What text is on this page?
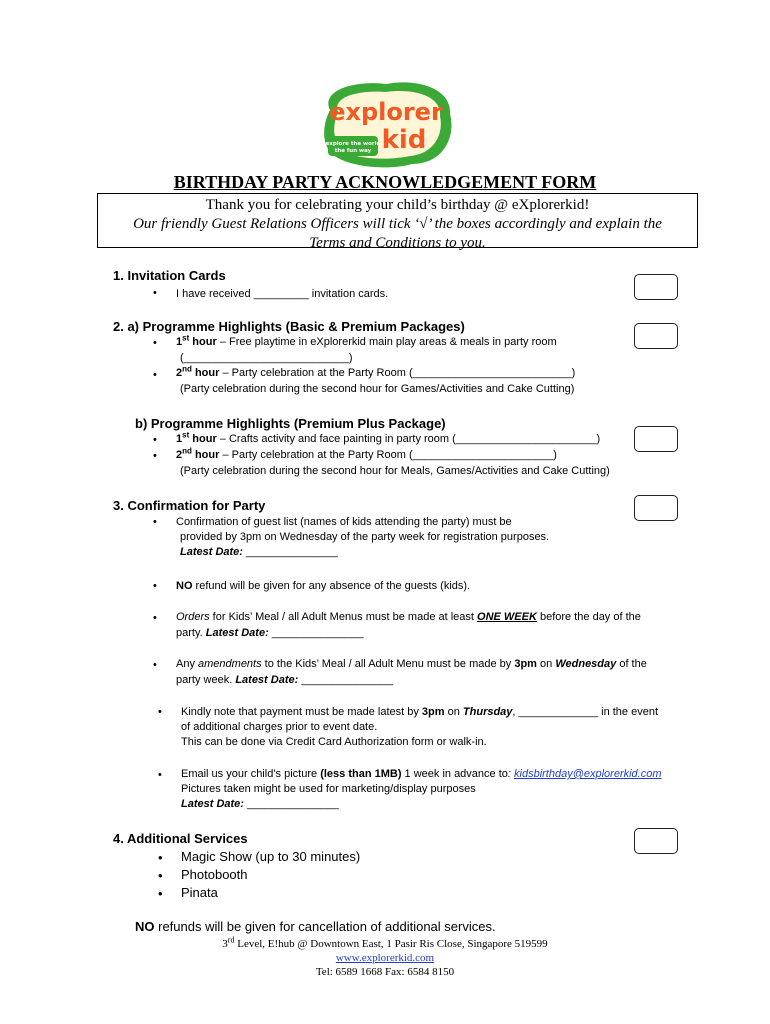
explorer
kid
explore the world
the fun way
BIRTHDAY PARTY ACKNOWLEDGEMENT FORM
Thank you for celebrating your child’s birthday @ eXplorerkid!
Our friendly Guest Relations Officers will tick ‘√’ the boxes accordingly and explain the
Terms and Conditions to you.
1. Invitation Cards
• I have received _________ invitation cards.
2. a) Programme Highlights (Basic & Premium Packages)
• 1st hour – Free playtime in eXplorerkid main play areas & meals in party room
(___________________________)
• 2nd hour – Party celebration at the Party Room (__________________________)
(Party celebration during the second hour for Games/Activities and Cake Cutting)
b) Programme Highlights (Premium Plus Package)
• 1st hour – Crafts activity and face painting in party room (_______________________)
• 2nd hour – Party celebration at the Party Room (_______________________)
(Party celebration during the second hour for Meals, Games/Activities and Cake Cutting)
3. Confirmation for Party
• Confirmation of guest list (names of kids attending the party) must be
provided by 3pm on Wednesday of the party week for registration purposes.
Latest Date: _______________
• NO refund will be given for any absence of the guests (kids).
• Orders for Kids’ Meal / all Adult Menus must be made at least ONE WEEK before the day of the
party. Latest Date: _______________
• Any amendments to the Kids’ Meal / all Adult Menu must be made by 3pm on Wednesday of the
party week. Latest Date: _______________
• Kindly note that payment must be made latest by 3pm on Thursday, _____________ in the event
of additional charges prior to event date.
This can be done via Credit Card Authorization form or walk-in.
• Email us your child’s picture (less than 1MB) 1 week in advance to: kidsbirthday@explorerkid.com
Pictures taken might be used for marketing/display purposes
Latest Date: _______________
4. Additional Services
• Magic Show (up to 30 minutes)
• Photobooth
• Pinata
NO refunds will be given for cancellation of additional services.
3rd Level, E!hub @ Downtown East, 1 Pasir Ris Close, Singapore 519599
www.explorerkid.com
Tel: 6589 1668 Fax: 6584 8150
